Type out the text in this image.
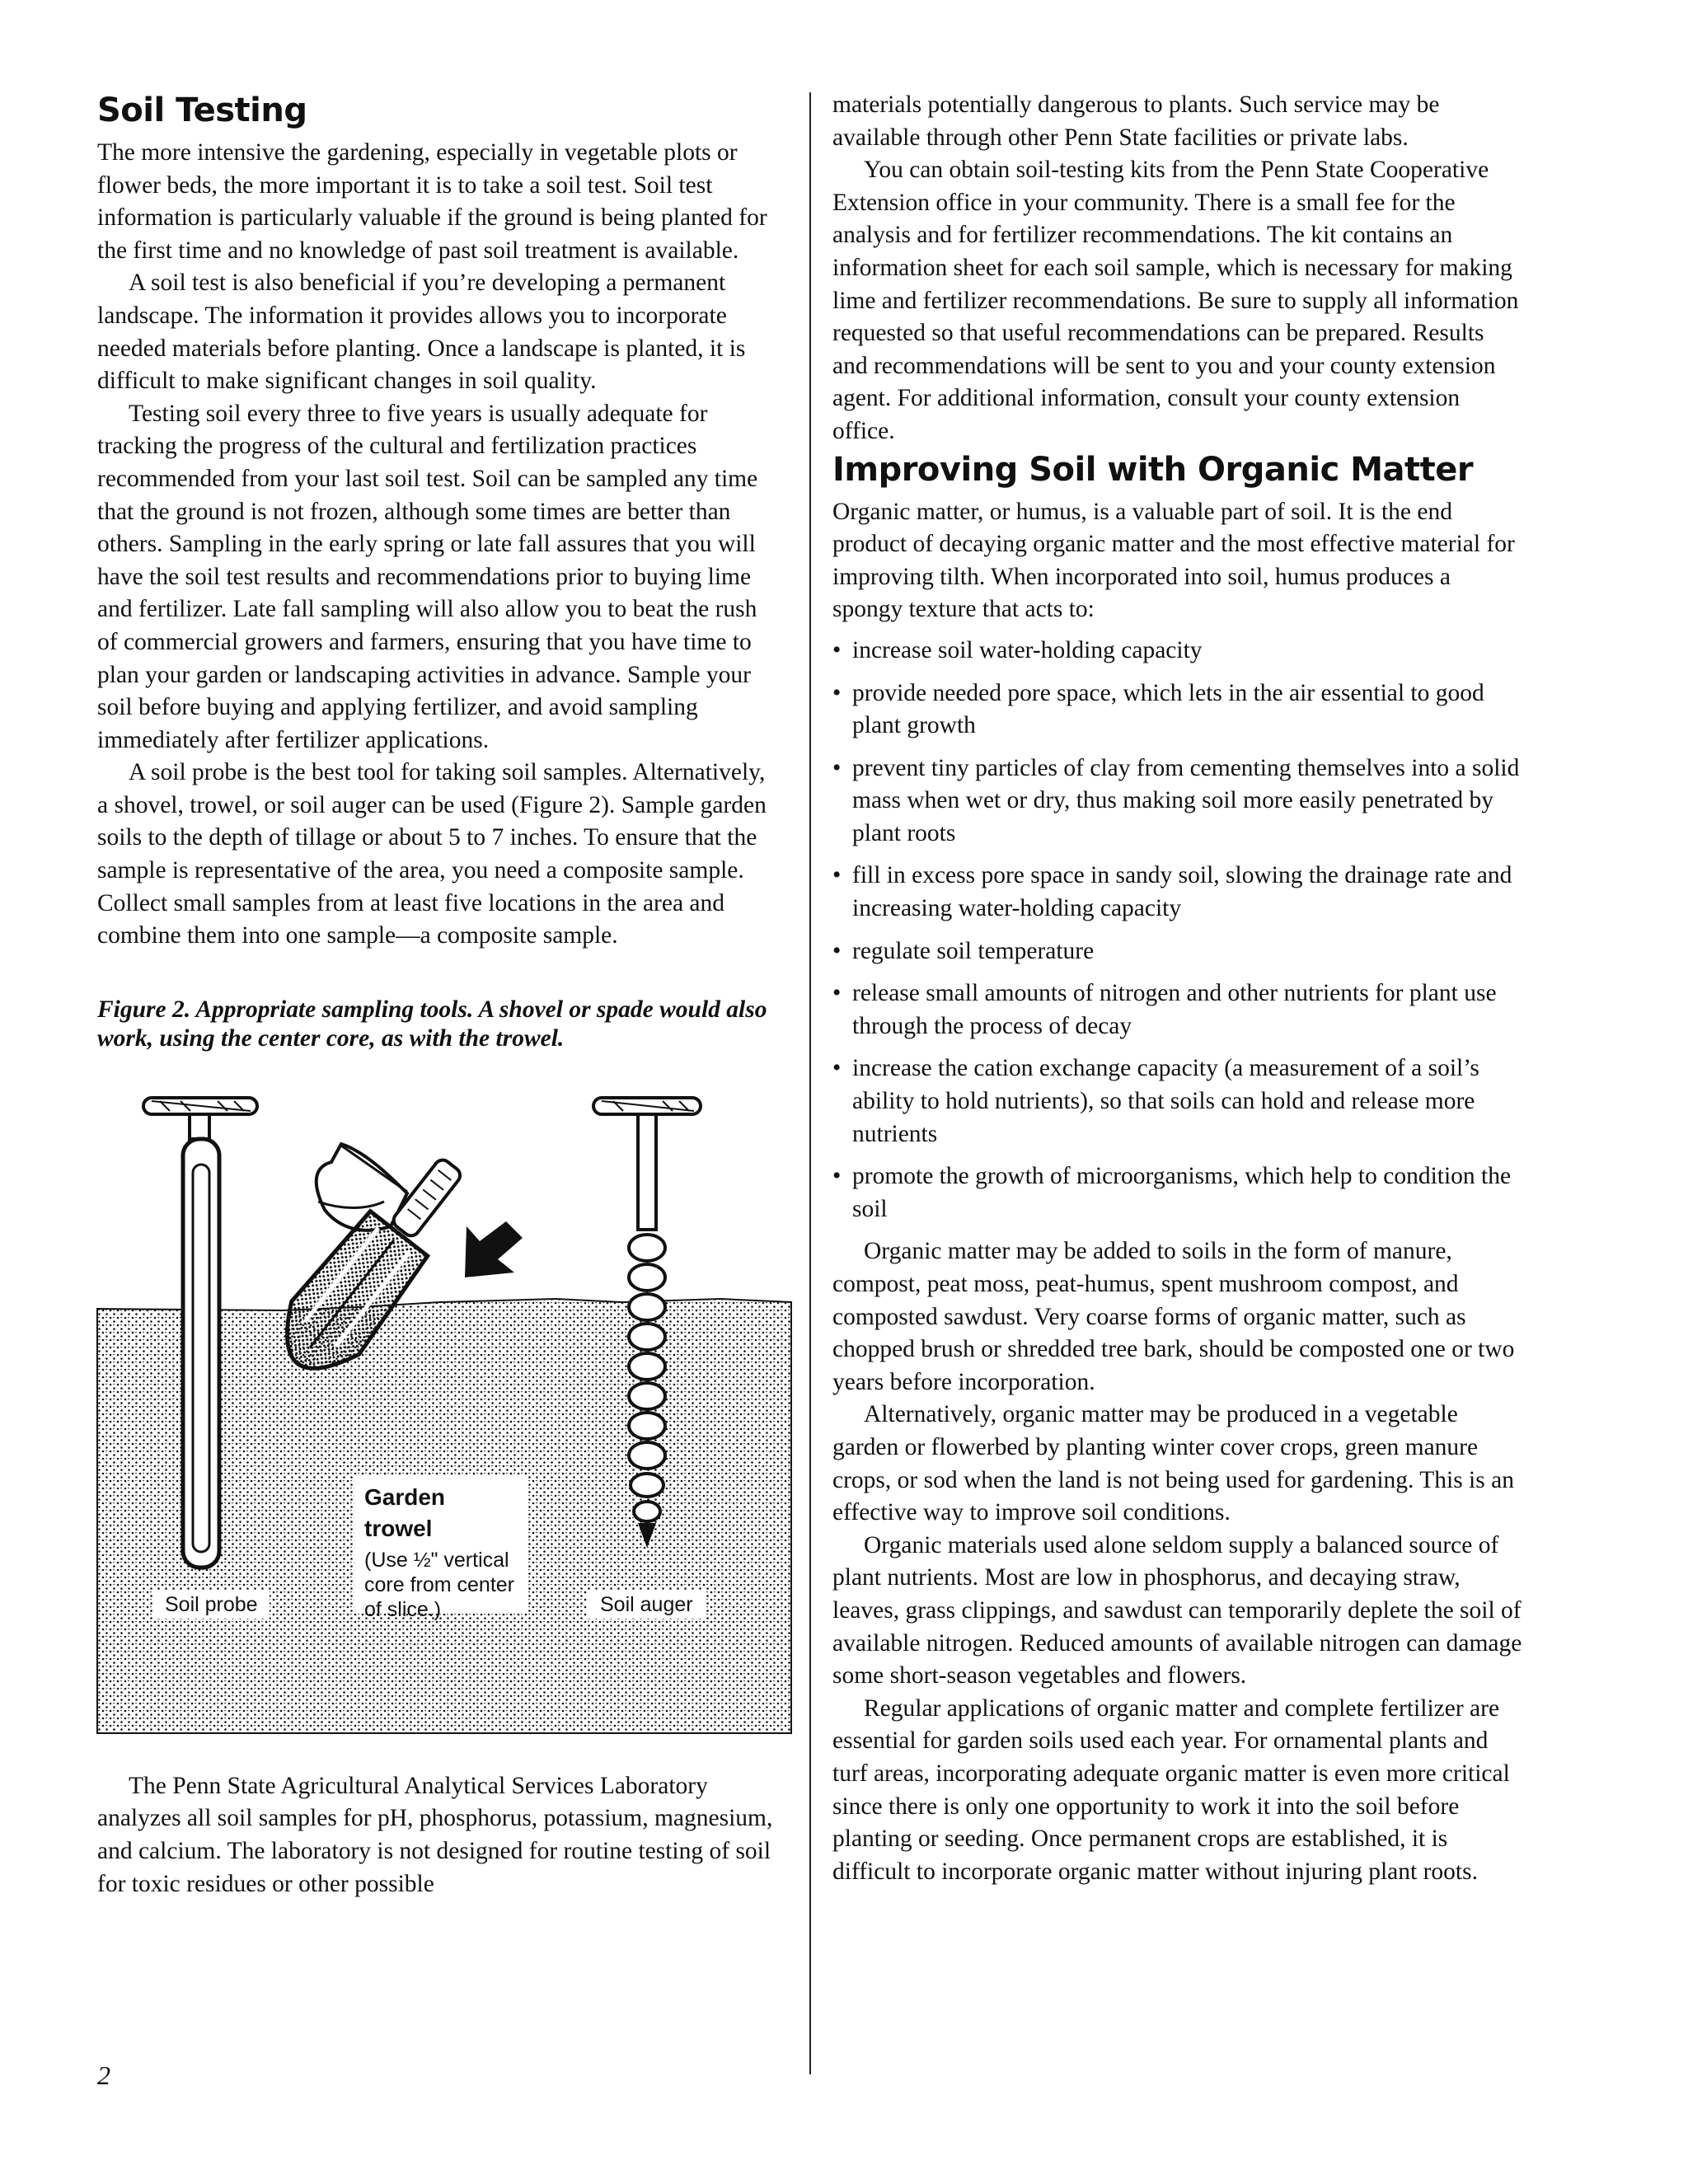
Soil Testing

The more intensive the gardening, especially in vegetable plots or flower beds, the more important it is to take a soil test. Soil test information is particularly valuable if the ground is being planted for the first time and no knowledge of past soil treatment is available.

A soil test is also beneficial if you’re developing a permanent landscape. The information it provides allows you to incorporate needed materials before planting. Once a landscape is planted, it is difficult to make significant changes in soil quality.

Testing soil every three to five years is usually adequate for tracking the progress of the cultural and fertilization practices recommended from your last soil test. Soil can be sampled any time that the ground is not frozen, although some times are better than others. Sampling in the early spring or late fall assures that you will have the soil test results and recommendations prior to buying lime and fertilizer. Late fall sampling will also allow you to beat the rush of commercial growers and farmers, ensuring that you have time to plan your garden or landscaping activities in advance. Sample your soil before buying and applying fertilizer, and avoid sampling immediately after fertilizer applications.

A soil probe is the best tool for taking soil samples. Alternatively, a shovel, trowel, or soil auger can be used (Figure 2). Sample garden soils to the depth of tillage or about 5 to 7 inches. To ensure that the sample is representative of the area, you need a composite sample. Collect small samples from at least five locations in the area and combine them into one sample—a composite sample.

Figure 2. Appropriate sampling tools. A shovel or spade would also work, using the center core, as with the trowel.
Soil probe
Garden trowel
(Use ½" vertical core from center of slice.)	Soil auger

The Penn State Agricultural Analytical Services Laboratory analyzes all soil samples for pH, phosphorus, potassium, magnesium, and calcium. The laboratory is not designed for routine testing of soil for toxic residues or other possible

materials potentially dangerous to plants. Such service may be available through other Penn State facilities or private labs.

You can obtain soil-testing kits from the Penn State Cooperative Extension office in your community. There is a small fee for the analysis and for fertilizer recommendations. The kit contains an information sheet for each soil sample, which is necessary for making lime and fertilizer recommendations. Be sure to supply all information requested so that useful recommendations can be prepared. Results and recommendations will be sent to you and your county extension agent. For additional information, consult your county extension office.

Improving Soil with Organic Matter

Organic matter, or humus, is a valuable part of soil. It is the end product of decaying organic matter and the most effective material for improving tilth. When incorporated into soil, humus produces a spongy texture that acts to:

• increase soil water-holding capacity
• provide needed pore space, which lets in the air essential to good plant growth
• prevent tiny particles of clay from cementing themselves into a solid mass when wet or dry, thus making soil more easily penetrated by plant roots
• fill in excess pore space in sandy soil, slowing the drainage rate and increasing water-holding capacity
• regulate soil temperature
• release small amounts of nitrogen and other nutrients for plant use through the process of decay
• increase the cation exchange capacity (a measurement of a soil’s ability to hold nutrients), so that soils can hold and release more nutrients
• promote the growth of microorganisms, which help to condition the soil

Organic matter may be added to soils in the form of manure, compost, peat moss, peat-humus, spent mushroom compost, and composted sawdust. Very coarse forms of organic matter, such as chopped brush or shredded tree bark, should be composted one or two years before incorporation.

Alternatively, organic matter may be produced in a vegetable garden or flowerbed by planting winter cover crops, green manure crops, or sod when the land is not being used for gardening. This is an effective way to improve soil conditions.

Organic materials used alone seldom supply a balanced source of plant nutrients. Most are low in phosphorus, and decaying straw, leaves, grass clippings, and sawdust can temporarily deplete the soil of available nitrogen. Reduced amounts of available nitrogen can damage some short-season vegetables and flowers.

Regular applications of organic matter and complete fertilizer are essential for garden soils used each year. For ornamental plants and turf areas, incorporating adequate organic matter is even more critical since there is only one opportunity to work it into the soil before planting or seeding. Once permanent crops are established, it is difficult to incorporate organic matter without injuring plant roots.

2
